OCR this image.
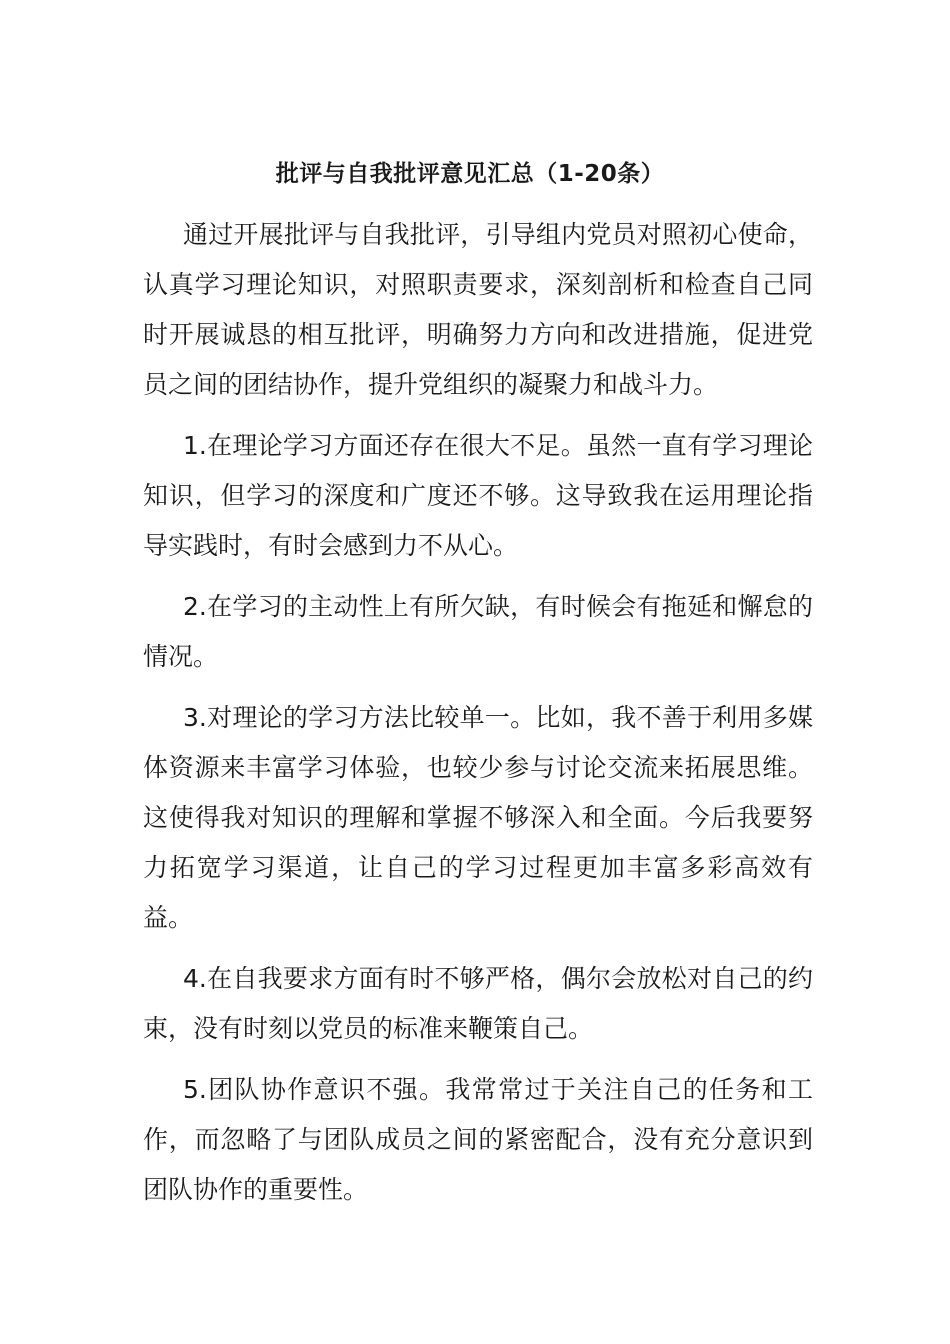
批评与自我批评意见汇总（1-20条）

通过开展批评与自我批评，引导组内党员对照初心使命，认真学习理论知识，对照职责要求，深刻剖析和检查自己同时开展诚恳的相互批评，明确努力方向和改进措施，促进党员之间的团结协作，提升党组织的凝聚力和战斗力。

1.在理论学习方面还存在很大不足。虽然一直有学习理论知识，但学习的深度和广度还不够。这导致我在运用理论指导实践时，有时会感到力不从心。

2.在学习的主动性上有所欠缺，有时候会有拖延和懈怠的情况。

3.对理论的学习方法比较单一。比如，我不善于利用多媒体资源来丰富学习体验，也较少参与讨论交流来拓展思维。这使得我对知识的理解和掌握不够深入和全面。今后我要努力拓宽学习渠道，让自己的学习过程更加丰富多彩高效有益。

4.在自我要求方面有时不够严格，偶尔会放松对自己的约束，没有时刻以党员的标准来鞭策自己。

5.团队协作意识不强。我常常过于关注自己的任务和工作，而忽略了与团队成员之间的紧密配合，没有充分意识到团队协作的重要性。
